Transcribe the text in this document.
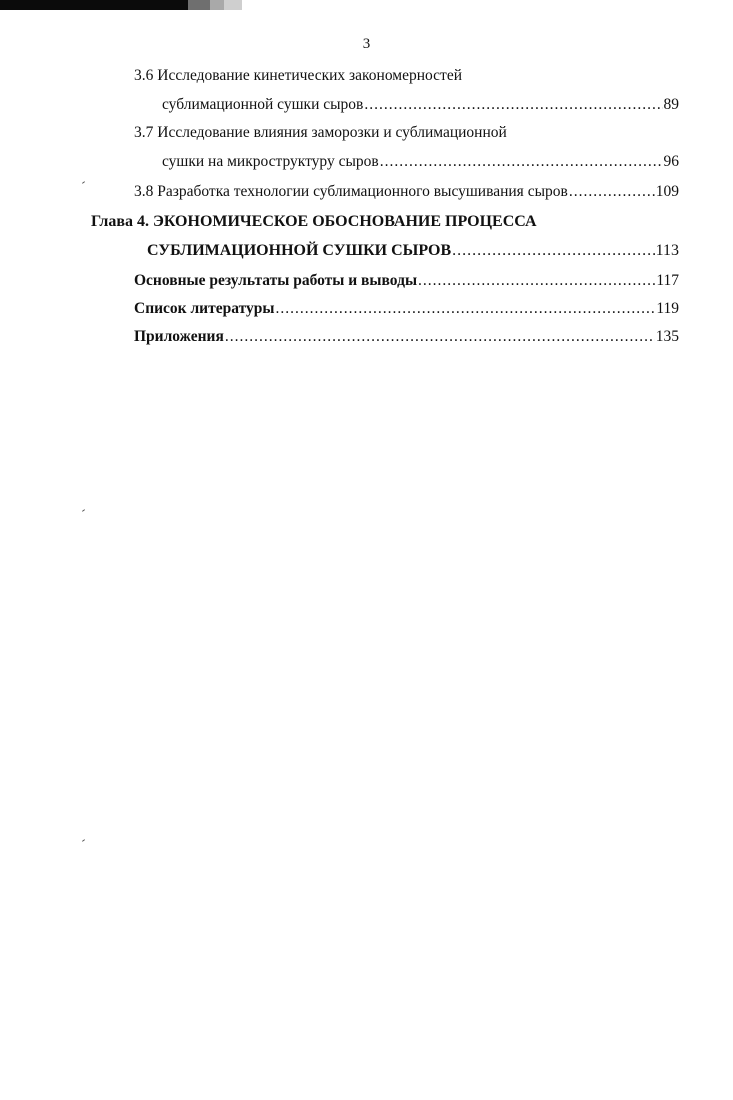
3
3.6 Исследование кинетических закономерностей
сублимационной сушки сыров .....	89
3.7 Исследование влияния заморозки и сублимационной
сушки на микроструктуру сыров .....	96
3.8 Разработка технологии сублимационного высушивания сыров .....	109
Глава 4. ЭКОНОМИЧЕСКОЕ ОБОСНОВАНИЕ ПРОЦЕССА
СУБЛИМАЦИОННОЙ СУШКИ СЫРОВ .....	113
Основные результаты работы и выводы .....	117
Список литературы .....	119
Приложения .....	135
